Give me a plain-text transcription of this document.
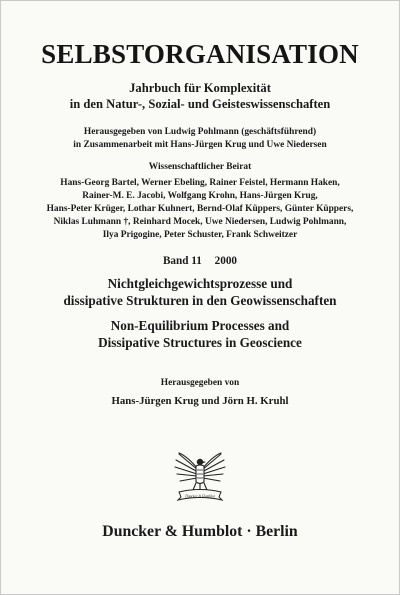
SELBSTORGANISATION
Jahrbuch für Komplexität
in den Natur-, Sozial- und Geisteswissenschaften
Herausgegeben von Ludwig Pohlmann (geschäftsführend)
in Zusammenarbeit mit Hans-Jürgen Krug und Uwe Niedersen
Wissenschaftlicher Beirat
Hans-Georg Bartel, Werner Ebeling, Rainer Feistel, Hermann Haken,
Rainer-M. E. Jacobi, Wolfgang Krohn, Hans-Jürgen Krug,
Hans-Peter Krüger, Lothar Kuhnert, Bernd-Olaf Küppers, Günter Küppers,
Niklas Luhmann †, Reinhard Mocek, Uwe Niedersen, Ludwig Pohlmann,
Ilya Prigogine, Peter Schuster, Frank Schweitzer
Band 11 2000
Nichtgleichgewichtsprozesse und
dissipative Strukturen in den Geowissenschaften
Non-Equilibrium Processes and
Dissipative Structures in Geoscience
Herausgegeben von
Hans-Jürgen Krug und Jörn H. Kruhl
Duncker & Humblot
Duncker & Humblot · Berlin
